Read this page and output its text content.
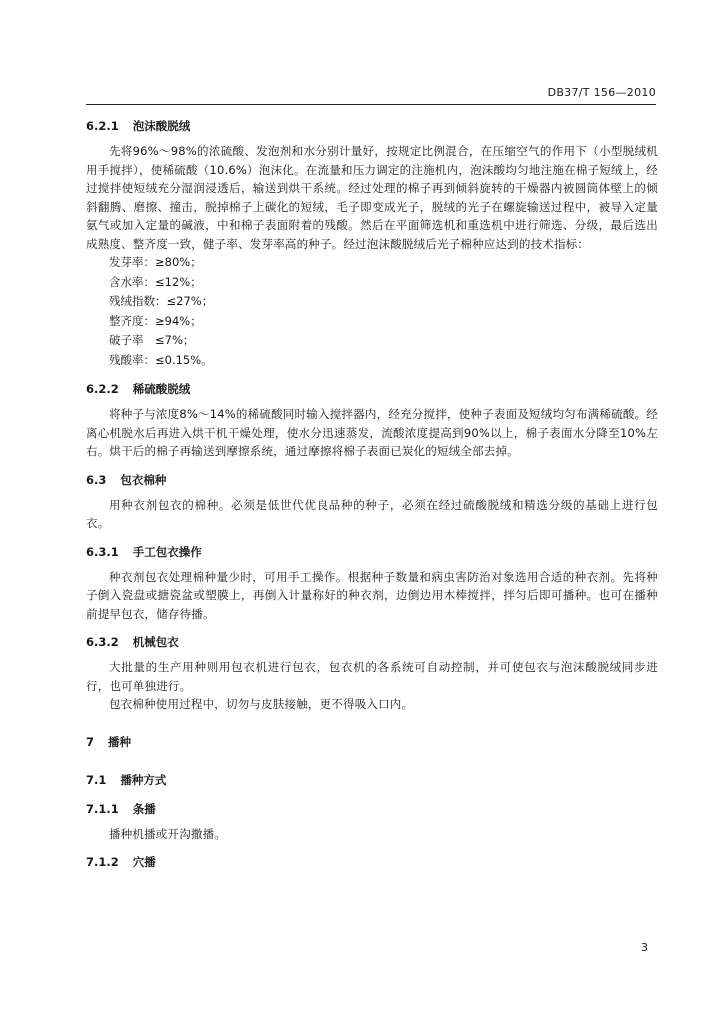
DB37/T 156—2010

6.2.1 泡沫酸脱绒

先将96%～98%的浓硫酸、发泡剂和水分别计量好，按规定比例混合，在压缩空气的作用下（小型脱绒机用手搅拌），使稀硫酸（10.6%）泡沫化。在流量和压力调定的注施机内，泡沫酸均匀地注施在棉子短绒上，经过搅拌使短绒充分湿润浸透后，输送到烘干系统。经过处理的棉子再到倾斜旋转的干燥器内被圆筒体壁上的倾斜翻腾、磨擦、撞击，脱掉棉子上碳化的短绒，毛子即变成光子，脱绒的光子在螺旋输送过程中，被导入定量氨气或加入定量的碱液，中和棉子表面附着的残酸。然后在平面筛选机和重选机中进行筛选、分级，最后选出成熟度、整齐度一致，健子率、发芽率高的种子。经过泡沫酸脱绒后光子棉种应达到的技术指标：

发芽率：≥80%；

含水率：≤12%；

残绒指数：≤27%；

整齐度：≥94%；

破子率　≤7%；

残酸率：≤0.15%。

6.2.2 稀硫酸脱绒

将种子与浓度8%～14%的稀硫酸同时输入搅拌器内，经充分搅拌，使种子表面及短绒均匀布满稀硫酸。经离心机脱水后再进入烘干机干燥处理，使水分迅速蒸发，流酸浓度提高到90%以上，棉子表面水分降至10%左右。烘干后的棉子再输送到摩擦系统，通过摩擦将棉子表面已炭化的短绒全部去掉。

6.3 包衣棉种

用种衣剂包衣的棉种。必须是低世代优良品种的种子，必须在经过硫酸脱绒和精选分级的基础上进行包衣。

6.3.1 手工包衣操作

种衣剂包衣处理棉种量少时，可用手工操作。根据种子数量和病虫害防治对象选用合适的种衣剂。先将种子倒入瓷盘或搪瓷盆或塑膜上，再倒入计量称好的种衣剂，边倒边用木棒搅拌，拌匀后即可播种。也可在播种前提早包衣，储存待播。

6.3.2 机械包衣

大批量的生产用种则用包衣机进行包衣，包衣机的各系统可自动控制，并可使包衣与泡沫酸脱绒同步进行，也可单独进行。

包衣棉种使用过程中，切勿与皮肤接触，更不得吸入口内。

7 播种

7.1 播种方式

7.1.1 条播

播种机播或开沟撒播。

7.1.2 穴播

3
